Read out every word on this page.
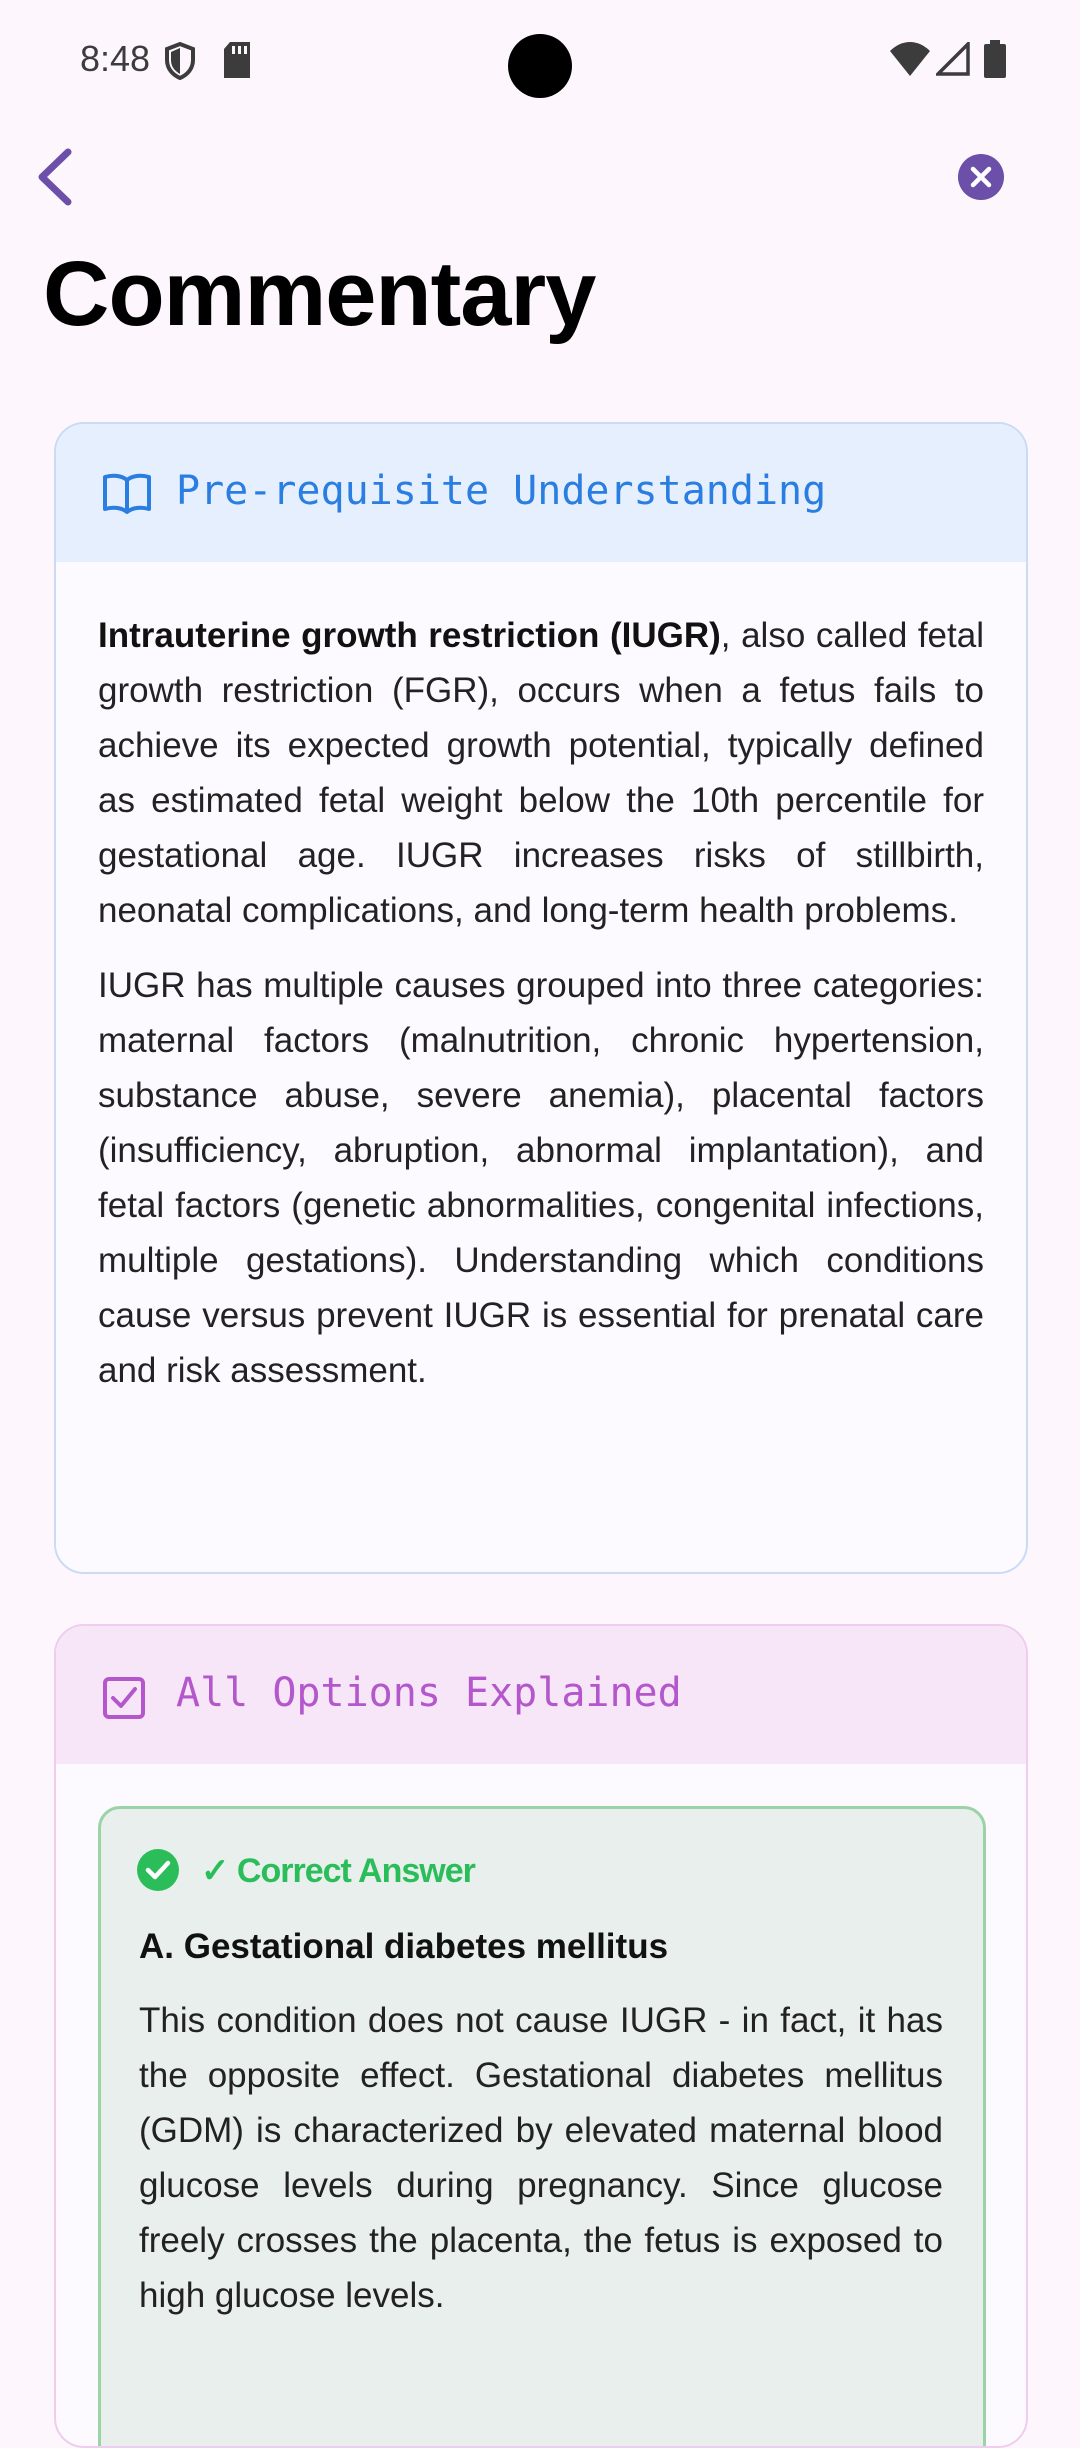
8:48
Commentary
Pre-requisite Understanding

Intrauterine growth restriction (IUGR), also called fetal growth restriction (FGR), occurs when a fetus fails to achieve its expected growth potential, typically defined as estimated fetal weight below the 10th percentile for gestational age. IUGR increases risks of stillbirth, neonatal complications, and long-term health problems.

IUGR has multiple causes grouped into three categories: maternal factors (malnutrition, chronic hypertension, substance abuse, severe anemia), placental factors (insufficiency, abruption, abnormal implantation), and fetal factors (genetic abnormalities, congenital infections, multiple gestations). Understanding which conditions cause versus prevent IUGR is essential for prenatal care and risk assessment.

All Options Explained
✓ Correct Answer
A. Gestational diabetes mellitus

This condition does not cause IUGR - in fact, it has the opposite effect. Gestational diabetes mellitus (GDM) is characterized by elevated maternal blood glucose levels during pregnancy. Since glucose freely crosses the placenta, the fetus is exposed to high glucose levels.
